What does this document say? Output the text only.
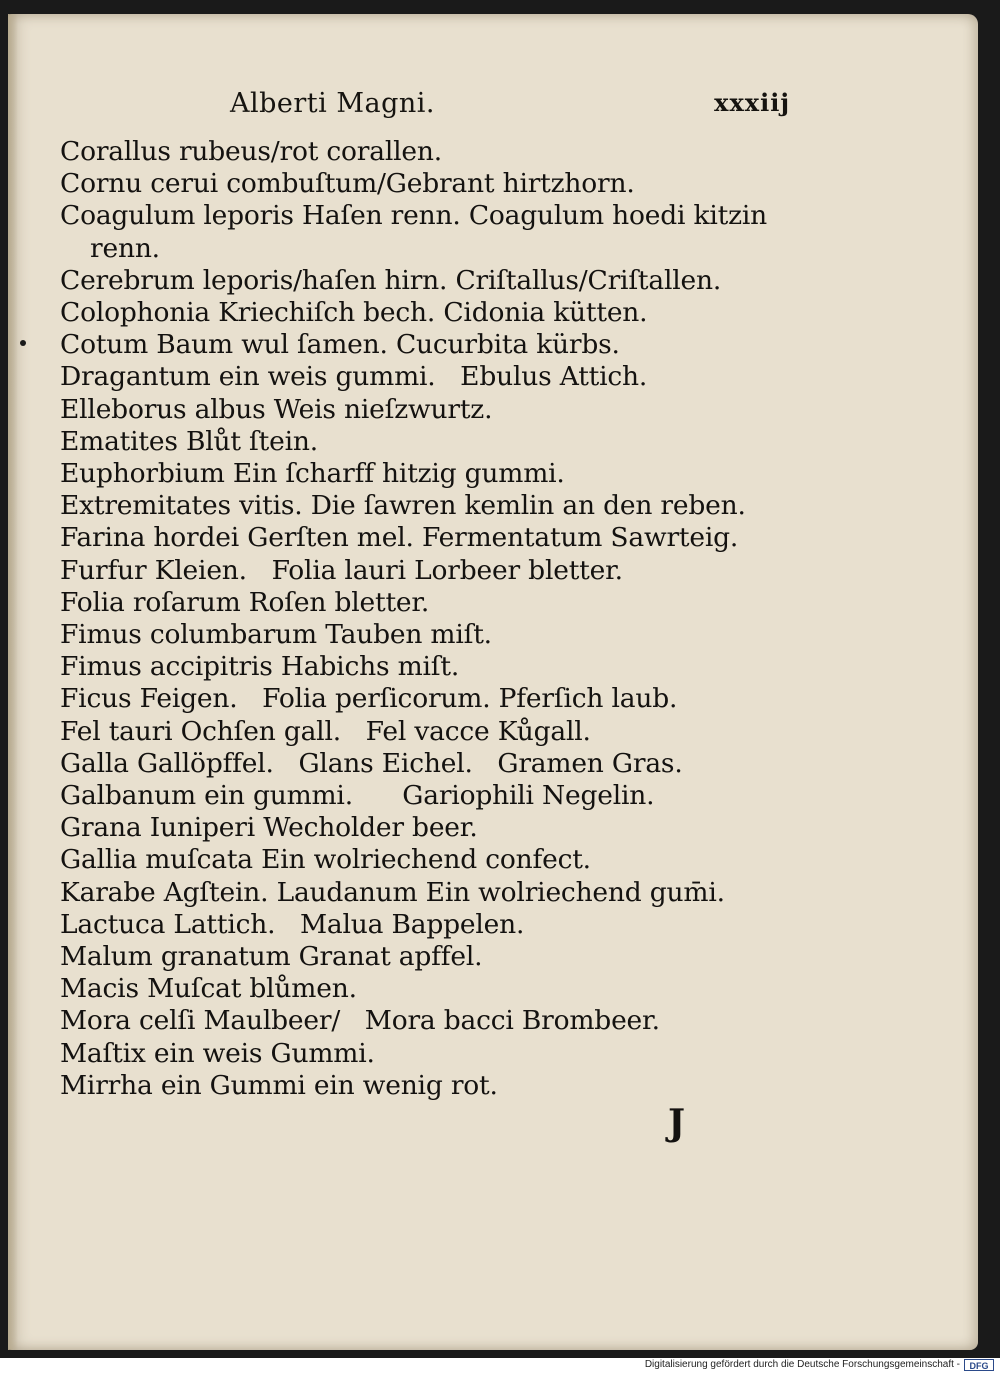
Alberti Magni.	xxxiij
Corallus rubeus/rot corallen.
Cornu cerui combuſtum/Gebrant hirtzhorn.
Coagulum leporis Haſen renn. Coagulum hoedi kitzin
renn.
Cerebrum leporis/haſen hirn. Criſtallus/Criſtallen.
Colophonia Kriechiſch bech. Cidonia kütten.
Cotum Baum wul ſamen. Cucurbita kürbs.
Dragantum ein weis gummi.   Ebulus Attich.
Elleborus albus Weis nieſzwurtz.
Ematites Blůt ſtein.
Euphorbium Ein ſcharff hitzig gummi.
Extremitates vitis. Die ſawren kemlin an den reben.
Farina hordei Gerſten mel. Fermentatum Sawrteig.
Furfur Kleien.   Folia lauri Lorbeer bletter.
Folia roſarum Roſen bletter.
Fimus columbarum Tauben miſt.
Fimus accipitris Habichs miſt.
Ficus Feigen.   Folia perſicorum. Pferſich laub.
Fel tauri Ochſen gall.   Fel vacce Kůgall.
Galla Gallöpffel.   Glans Eichel.   Gramen Gras.
Galbanum ein gummi.      Gariophili Negelin.
Grana Iuniperi Wecholder beer.
Gallia muſcata Ein wolriechend confect.
Karabe Agſtein. Laudanum Ein wolriechend gum̄i.
Lactuca Lattich.   Malua Bappelen.
Malum granatum Granat apffel.
Macis Muſcat blůmen.
Mora celſi Maulbeer/   Mora bacci Brombeer.
Maſtix ein weis Gummi.
Mirrha ein Gummi ein wenig rot.
J
Digitalisierung gefördert durch die Deutsche Forschungsgemeinschaft -	DFG
